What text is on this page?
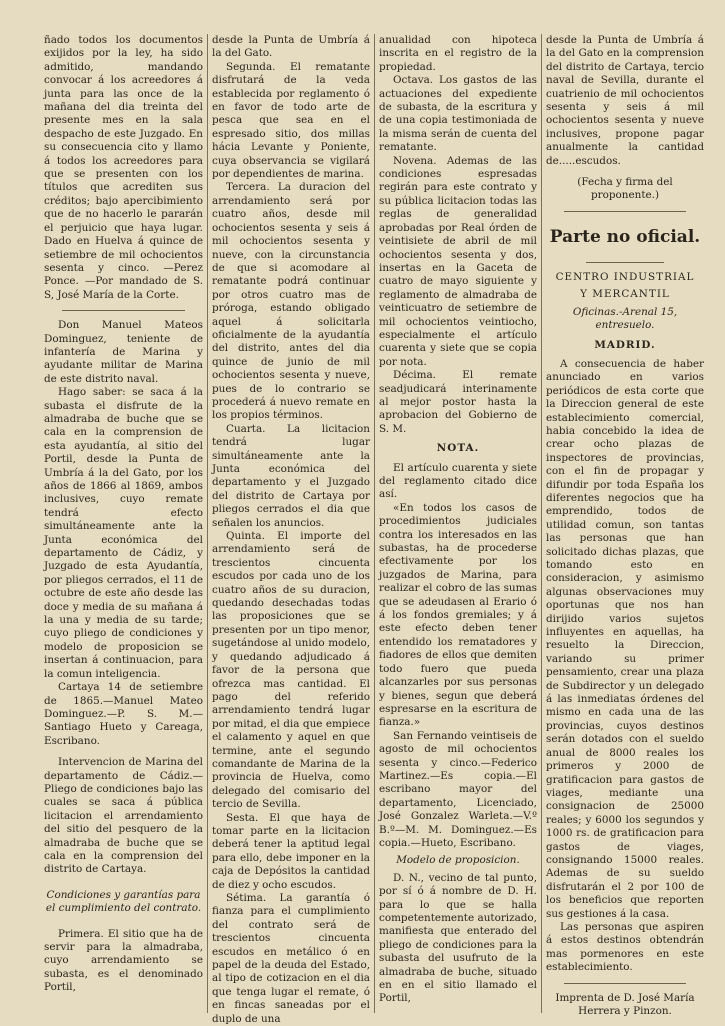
ñado todos los documentos exijidos por la ley, ha sido admitido, mandando convocar á los acreedores á junta para las once de la mañana del dia treinta del presente mes en la sala despacho de este Juzgado. En su consecuencia cito y llamo á todos los acreedores para que se presenten con los títulos que acrediten sus créditos; bajo apercibimiento que de no hacerlo le pararán el perjuicio que haya lugar. Dado en Huelva á quince de setiembre de mil ochocientos sesenta y cinco. —Perez Ponce. —Por mandado de S. S, José María de la Corte.

Don Manuel Mateos Dominguez, teniente de infantería de Marina y ayudante militar de Marina de este distrito naval.

Hago saber: se saca á la subasta el disfrute de la almadraba de buche que se cala en la comprension de esta ayudantía, al sitio del Portil, desde la Punta de Umbría á la del Gato, por los años de 1866 al 1869, ambos inclusives, cuyo remate tendrá efecto simultáneamente ante la Junta económica del departamento de Cádiz, y Juzgado de esta Ayudantía, por pliegos cerrados, el 11 de octubre de este año desde las doce y media de su mañana á la una y media de su tarde; cuyo pliego de condiciones y modelo de proposicion se insertan á continuacion, para la comun inteligencia.

Cartaya 14 de setiembre de 1865.—Manuel Mateo Dominguez.—P. S. M.—Santiago Hueto y Careaga, Escribano.

Intervencion de Marina del departamento de Cádiz.—Pliego de condiciones bajo las cuales se saca á pública licitacion el arrendamiento del sitio del pesquero de la almadraba de buche que se cala en la comprension del distrito de Cartaya.

Condiciones y garantías para el cumplimiento del contrato.

Primera. El sitio que ha de servir para la almadraba, cuyo arrendamiento se subasta, es el denominado Portil,

desde la Punta de Umbría á la del Gato.

Segunda. El rematante disfrutará de la veda establecida por reglamento ó en favor de todo arte de pesca que sea en el espresado sitio, dos millas hácia Levante y Poniente, cuya observancia se vigilará por dependientes de marina.

Tercera. La duracion del arrendamiento será por cuatro años, desde mil ochocientos sesenta y seis á mil ochocientos sesenta y nueve, con la circunstancia de que si acomodare al rematante podrá continuar por otros cuatro mas de prórogа, estando obligado aquel á solicitarla oficialmente de la ayudantía del distrito, antes del dia quince de junio de mil ochocientos sesenta y nueve, pues de lo contrario se procederá á nuevo remate en los propios términos.

Cuarta. La licitacion tendrá lugar simultáneamente ante la Junta económica del departamento y el Juzgado del distrito de Cartaya por pliegos cerrados el dia que señalen los anuncios.

Quinta. El importe del arrendamiento será de trescientos cincuenta escudos por cada uno de los cuatro años de su duracion, quedando desechadas todas las proposiciones que se presenten por un tipo menor, sugetándose al unido modelo, y quedando adjudicado á favor de la persona que ofrezca mas cantidad. El pago del referido arrendamiento tendrá lugar por mitad, el dia que empiece el calamento y aquel en que termine, ante el segundo comandante de Marina de la provincia de Huelva, como delegado del comisario del tercio de Sevilla.

Sesta. El que haya de tomar parte en la licitacion deberá tener la aptitud legal para ello, debe imponer en la caja de Depósitos la cantidad de diez y ocho escudos.

Sétima. La garantía ó fianza para el cumplimiento del contrato será de trescientos cincuenta escudos en metálico ó en papel de la deuda del Estado, al tipo de cotizacion en el dia que tenga lugar el remate, ó en fincas saneadas por el duplo de una

anualidad con hipoteca inscrita en el registro de la propiedad.

Octava. Los gastos de las actuaciones del expediente de subasta, de la escritura y de una copia testimoniada de la misma serán de cuenta del rematante.

Novena. Ademas de las condiciones espresadas regirán para este contrato y su pública licitacion todas las reglas de generalidad aprobadas por Real órden de veintisiete de abril de mil ochocientos sesenta y dos, insertas en la Gaceta de cuatro de mayo siguiente y reglamento de almadraba de veinticuatro de setiembre de mil ochocientos veintiocho, especialmente el artículo cuarenta y siete que se copia por nota.

Décima. El remate seadjudicará interinamente al mejor postor hasta la aprobacion del Gobierno de S. M.

NOTA.

El artículo cuarenta y siete del reglamento citado dice así.

«En todos los casos de procedimientos judiciales contra los interesados en las subastas, ha de procederse efectivamente por los juzgados de Marina, para realizar el cobro de las sumas que se adeudasen al Erario ó á los fondos gremiales; y á este efecto deben tener entendido los rematadores y fiadores de ellos que demiten todo fuero que pueda alcanzarles por sus personas y bienes, segun que deberá espresarse en la escritura de fianza.»

San Fernando veintiseis de agosto de mil ochocientos sesenta y cinco.—Federico Martinez.—Es copia.—El escribano mayor del departamento, Licenciado, José Gonzalez Warleta.—V.º B.º—M. M. Dominguez.—Es copia.—Hueto, Escribano.

Modelo de proposicion.

D. N., vecino de tal punto, por sí ó á nombre de D. H. para lo que se halla competentemente autorizado, manifiesta que enterado del pliego de condiciones para la subasta del usufruto de la almadraba de buche, situado en en el sitio llamado el Portil,

desde la Punta de Umbría á la del Gato en la comprension del distrito de Cartaya, tercio naval de Sevilla, durante el cuatrienio de mil ochocientos sesenta y seis á mil ochocientos sesenta y nueve inclusives, propone pagar anualmente la cantidad de.....escudos.

(Fecha y firma del proponente.)

Parte no oficial.

CENTRO INDUSTRIAL

Y MERCANTIL

Oficinas.-Arenal 15, entresuelo.

MADRID.

A consecuencia de haber anunciado en varios periódicos de esta corte que la Direccion general de este establecimiento comercial, habia concebido la idea de crear ocho plazas de inspectores de provincias, con el fin de propagar y difundir por toda España los diferentes negocios que ha emprendido, todos de utilidad comun, son tantas las personas que han solicitado dichas plazas, que tomando esto en consideracion, y asimismo algunas observaciones muy oportunas que nos han dirijido varios sujetos influyentes en aquellas, ha resuelto la Direccion, variando su primer pensamiento, crear una plaza de Subdirector y un delegado á las inmediatas órdenes del mismo en cada una de las provincias, cuyos destinos serán dotados con el sueldo anual de 8000 reales los primeros y 2000 de gratificacion para gastos de viages, mediante una consignacion de 25000 reales; y 6000 los segundos y 1000 rs. de gratificacion para gastos de viages, consignando 15000 reales. Ademas de su sueldo disfrutarán el 2 por 100 de los beneficios que reporten sus gestiones á la casa.

Las personas que aspiren á estos destinos obtendrán mas pormenores en este establecimiento.

Imprenta de D. José María Herrera y Pinzon.
